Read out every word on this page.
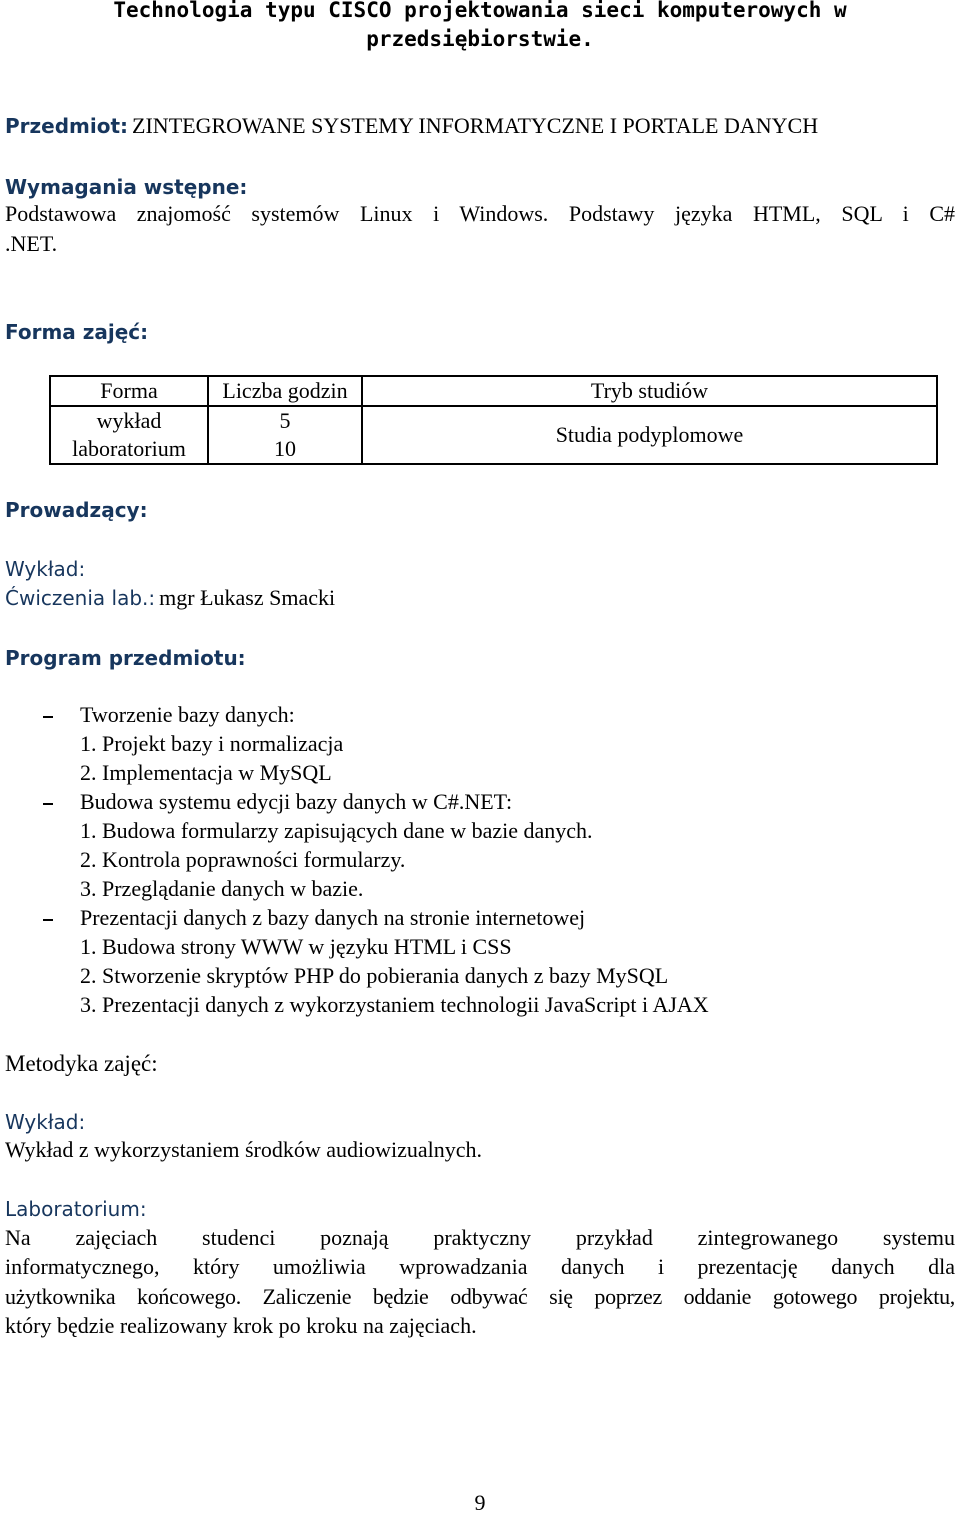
Technologia typu CISCO projektowania sieci komputerowych w
przedsiębiorstwie.
Przedmiot: ZINTEGROWANE SYSTEMY INFORMATYCZNE I PORTALE DANYCH
Wymagania wstępne:
Podstawowa znajomość systemów Linux i Windows. Podstawy języka HTML, SQL i C#
.NET.
Forma zajęć:
Forma	Liczba godzin	Tryb studiów
wykład	5	Studia podyplomowe
laboratorium	10	
Prowadzący:
Wykład:
Ćwiczenia lab.: mgr Łukasz Smacki
Program przedmiotu:
Tworzenie bazy danych:
1. Projekt bazy i normalizacja
2. Implementacja w MySQL
Budowa systemu edycji bazy danych w C#.NET:
1. Budowa formularzy zapisujących dane w bazie danych.
2. Kontrola poprawności formularzy.
3. Przeglądanie danych w bazie.
Prezentacji danych z bazy danych na stronie internetowej
1. Budowa strony WWW w języku HTML i CSS
2. Stworzenie skryptów PHP do pobierania danych z bazy MySQL
3. Prezentacji danych z wykorzystaniem technologii JavaScript i AJAX
Metodyka zajęć:
Wykład:
Wykład z wykorzystaniem środków audiowizualnych.
Laboratorium:
Na zajęciach studenci poznają praktyczny przykład zintegrowanego systemu
informatycznego, który umożliwia wprowadzania danych i prezentację danych dla
użytkownika końcowego. Zaliczenie będzie odbywać się poprzez oddanie gotowego projektu,
który będzie realizowany krok po kroku na zajęciach.
9
